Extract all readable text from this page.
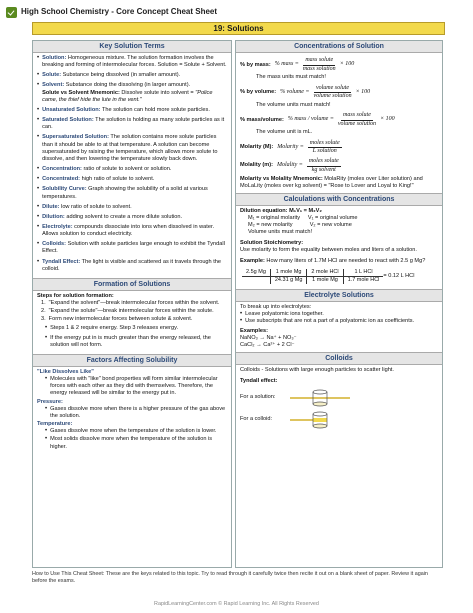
High School Chemistry - Core Concept Cheat Sheet
19: Solutions
Key Solution Terms
• Solution: Homogeneous mixture. The solution formation involves the breaking and forming of intermolecular forces. Solution = Solute + Solvent.
• Solute: Substance being dissolved (in smaller amount).
• Solvent: Substance doing the dissolving (in larger amount).
Solute vs Solvent Mnemonic: Dissolve solute into solvent = "Police came, the thief hide the lute in the vent."
• Unsaturated Solution: The solution can hold more solute particles.
• Saturated Solution: The solution is holding as many solute particles as it can.
• Supersaturated Solution: The solution contains more solute particles than it should be able to at that temperature. A solution can become supersaturated by raising the temperature, which allows more solute to dissolve, and then lowering the temperature slowly back down.
• Concentration: ratio of solute to solvent or solution.
• Concentrated: high ratio of solute to solvent.
• Solubility Curve: Graph showing the solubility of a solid at various temperatures.
• Dilute: low ratio of solute to solvent.
• Dilution: adding solvent to create a more dilute solution.
• Electrolyte: compounds dissociate into ions when dissolved in water. Allows solution to conduct electricity.
• Colloids: Solution with solute particles large enough to exhibit the Tyndall Effect.
• Tyndall Effect: The light is visible and scattered as it travels through the colloid.
Formation of Solutions
Steps for solution formation:
1. "Expand the solvent"—break intermolecular forces within the solvent.
2. "Expand the solute"—break intermolecular forces within the solute.
3. Form new intermolecular forces between solute & solvent.
• Steps 1 & 2 require energy. Step 3 releases energy.
• If the energy put in is much greater than the energy released, the solution will not form.
Factors Affecting Solubility
"Like Dissolves Like"
• Molecules with "like" bond properties will form similar intermolecular forces with each other as they did with themselves. Therefore, the energy released will be similar to the energy put in.
Pressure:
• Gases dissolve more when there is a higher pressure of the gas above the solution.
Temperature:
• Gases dissolve more when the temperature of the solution is lower.
• Most solids dissolve more when the temperature of the solution is higher.
Concentrations of Solution
% by mass: % mass = $\frac{\text{mass solute}}{\text{mass solution}} \times 100$
The mass units must match!
% by volume: % volume = $\frac{\text{volume solute}}{\text{volume solution}} \times 100$
The volume units must match!
% mass/volume: % mass / volume = $\frac{\text{mass solute}}{\text{volume solution}} \times 100$
The volume unit is mL.
Molarity (M): Molarity = $\frac{\text{moles solute}}{\text{L solution}}$
Molality (m): Molality = $\frac{\text{moles solute}}{\text{kg solvent}}$
Molarity vs Molality Mnemonic: MolaRity (moles over Liter solution) and MoLaLity (moles over kg solvent) = "Rose to Lover and Loyal to King!"
Calculations with Concentrations
Dilution equation: M₁V₁ = M₂V₂
M₁ = original molarity     V₁ = original volume
M₂ = new molarity           V₂ = new volume
Volume units must match!
Solution Stoichiometry:
Use molarity to form the equality between moles and liters of a solution.
Example: How many liters of 1.7M HCl are needed to react with 2.5 g Mg?
2.5g Mg	1 mole Mg	2 mole HCl	1 L HCl
	24.31 g Mg	1 mole Mg	1.7 mole HCl
= 0.12 L HCl
Electrolyte Solutions
To break up into electrolytes:
• Leave polyatomic ions together.
• Use subscripts that are not a part of a polyatomic ion as coefficients.
Examples:
NaNO₃ → Na⁺ + NO₃⁻
CaCl₂ → Ca²⁺ + 2 Cl⁻
Colloids
Colloids - Solutions with large enough particles to scatter light.
Tyndall effect:
For a solution:
For a colloid:
How to Use This Cheat Sheet: These are the keys related to this topic. Try to read through it carefully twice then recite it out on a blank sheet of paper. Review it again before the exams.
RapidLearningCenter.com © Rapid Learning Inc. All Rights Reserved
